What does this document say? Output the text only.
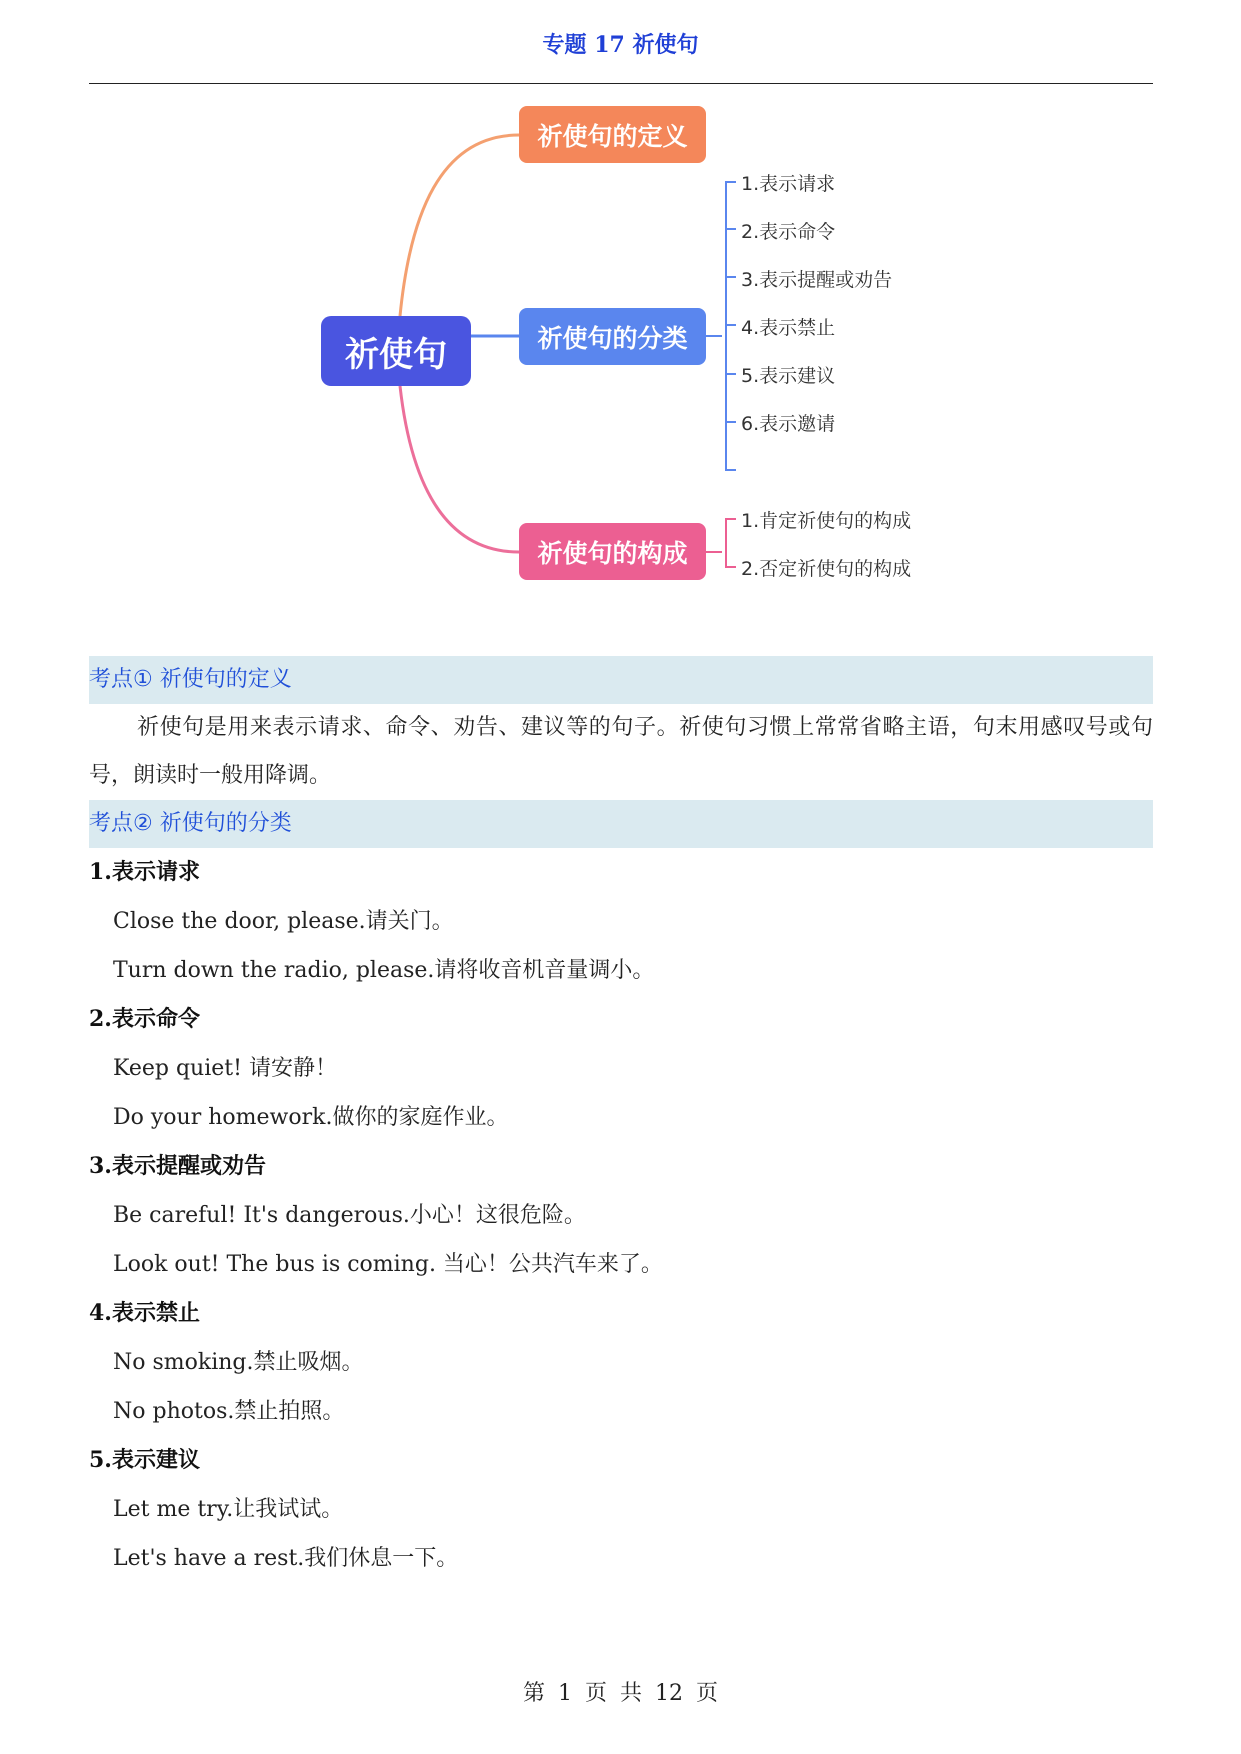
专题 17 祈使句
祈使句
祈使句的定义
祈使句的分类
祈使句的构成
1.表示请求
2.表示命令
3.表示提醒或劝告
4.表示禁止
5.表示建议
6.表示邀请
1.肯定祈使句的构成
2.否定祈使句的构成
考点① 祈使句的定义

祈使句是用来表示请求、命令、劝告、建议等的句子。祈使句习惯上常常省略主语，句末用感叹号或句号，朗读时一般用降调。

考点② 祈使句的分类
1.表示请求
Close the door, please.请关门。
Turn down the radio, please.请将收音机音量调小。
2.表示命令
Keep quiet! 请安静！
Do your homework.做你的家庭作业。
3.表示提醒或劝告
Be careful! It's dangerous.小心！这很危险。
Look out! The bus is coming. 当心！公共汽车来了。
4.表示禁止
No smoking.禁止吸烟。
No photos.禁止拍照。
5.表示建议
Let me try.让我试试。
Let's have a rest.我们休息一下。
第 1 页 共 12 页
